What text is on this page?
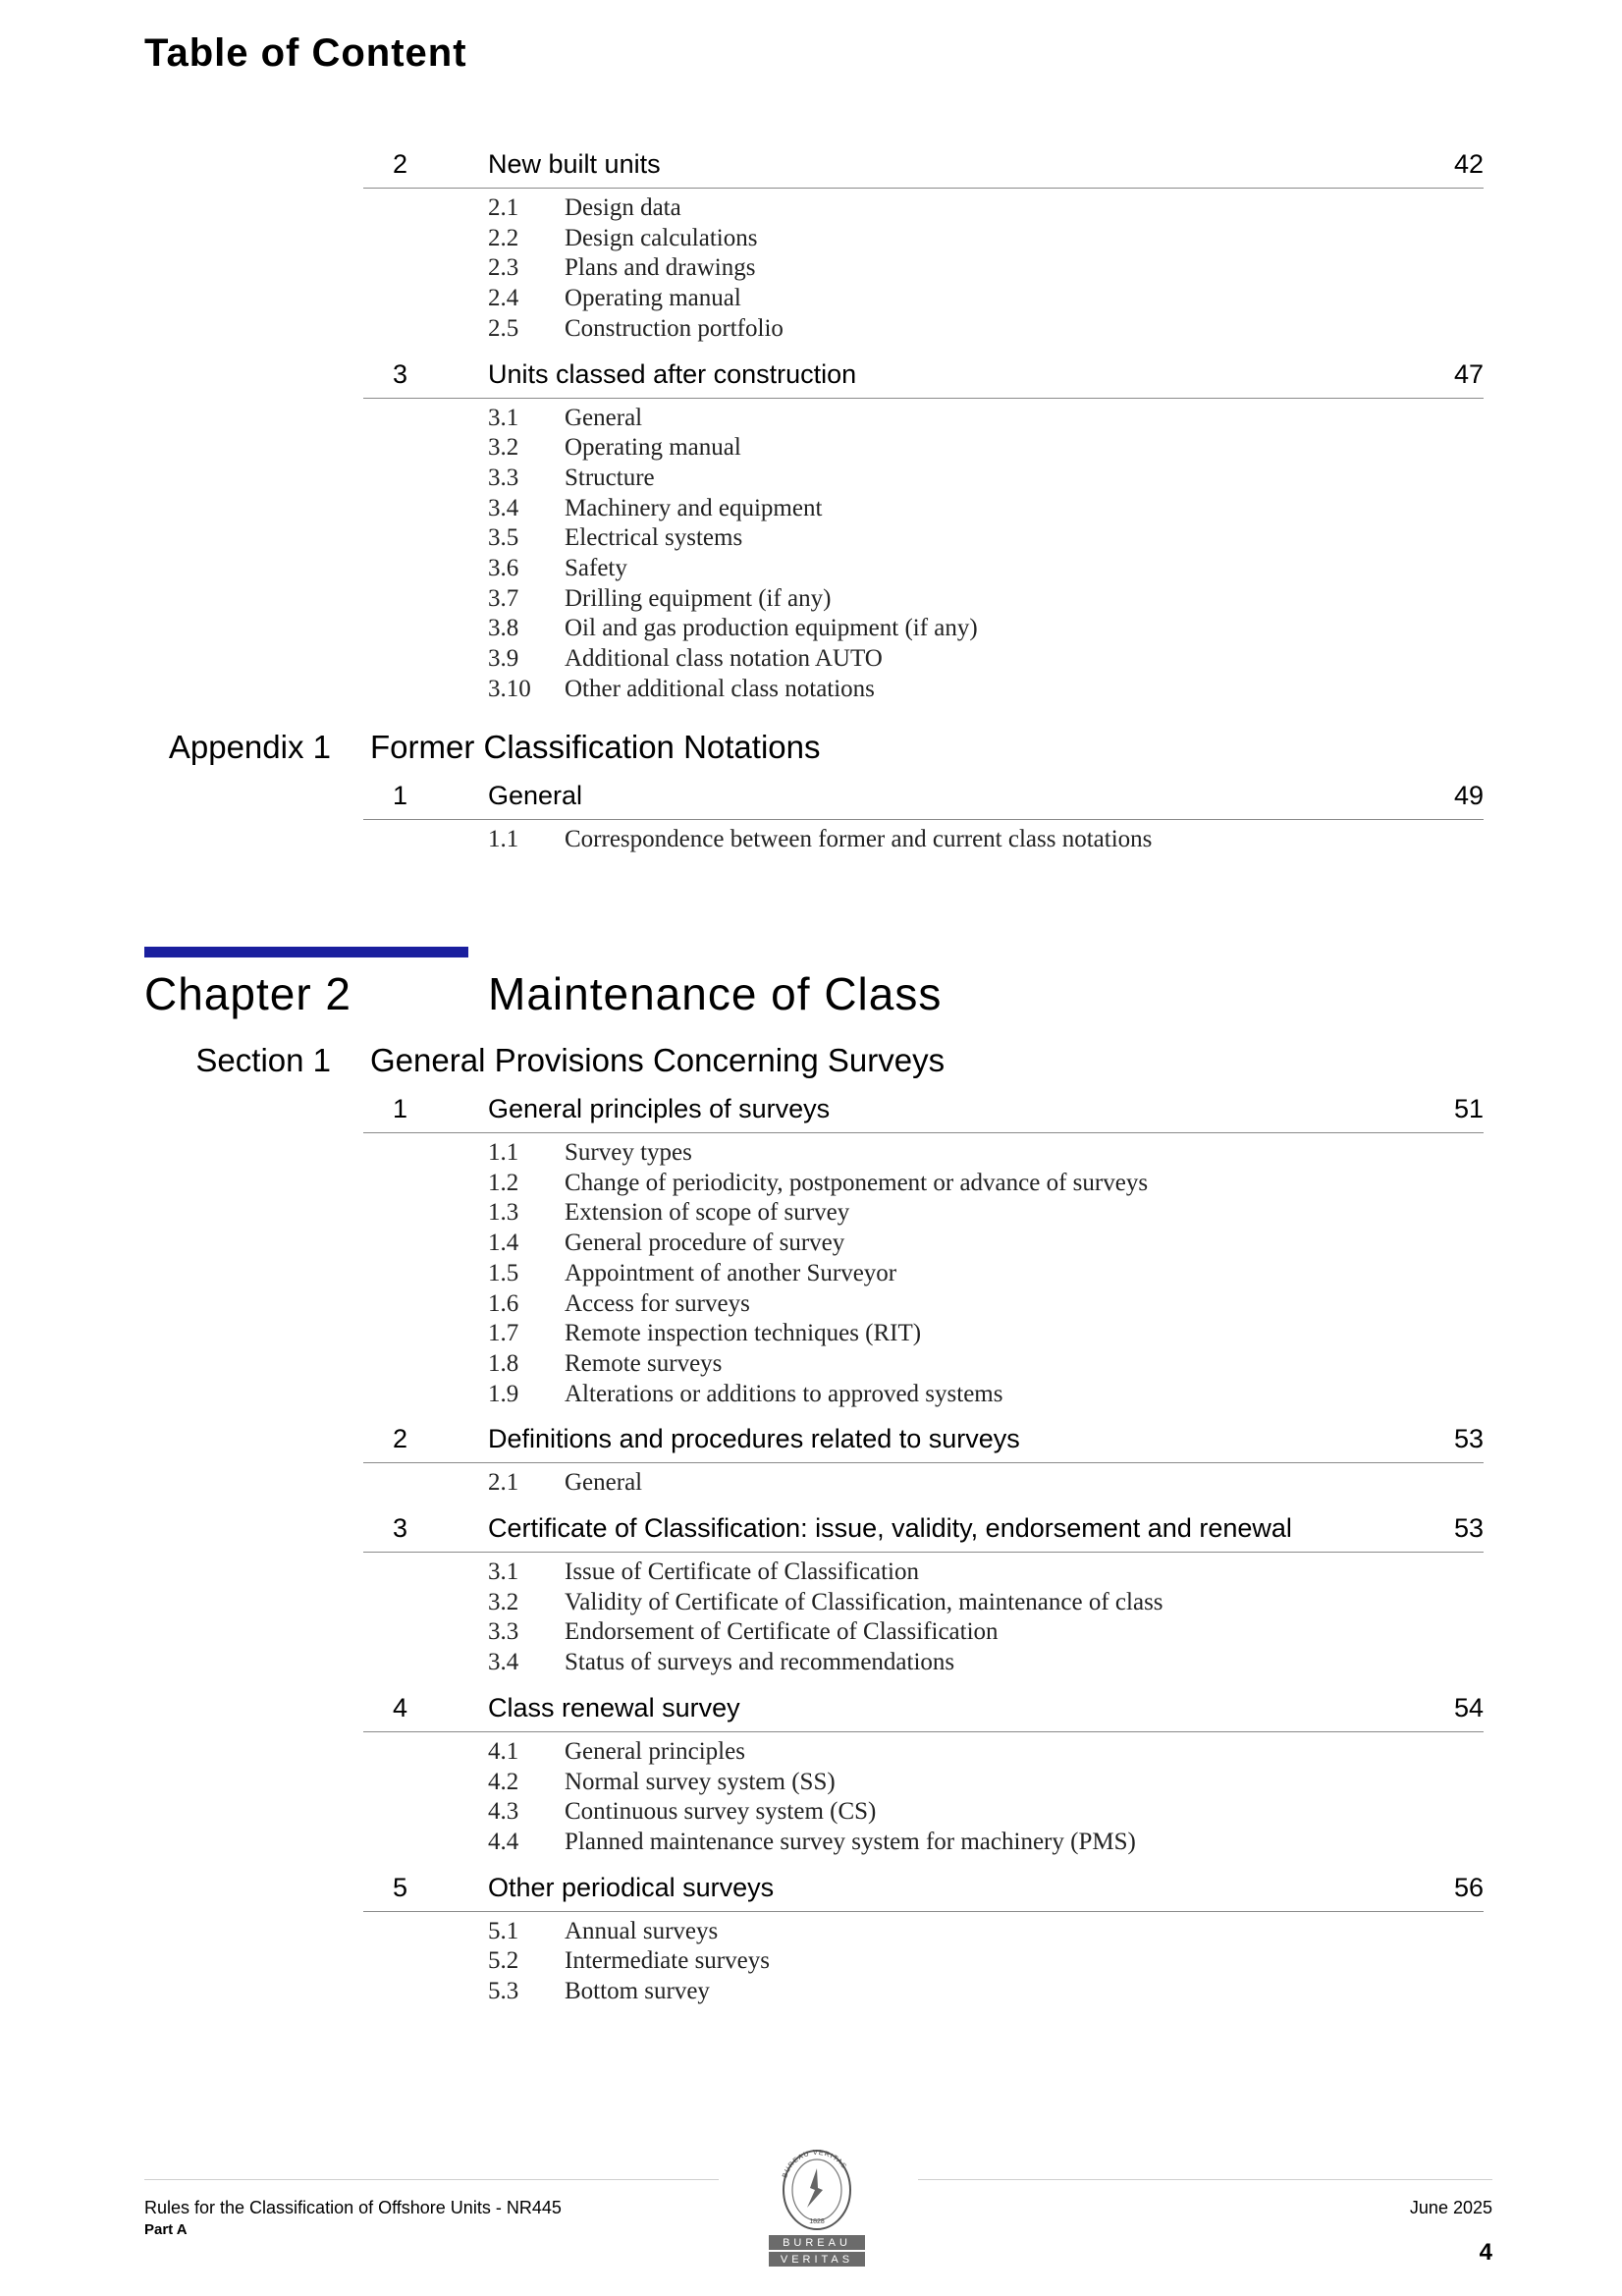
Table of Content
2	New built units	42
2.1 Design data
2.2 Design calculations
2.3 Plans and drawings
2.4 Operating manual
2.5 Construction portfolio
3	Units classed after construction	47
3.1 General
3.2 Operating manual
3.3 Structure
3.4 Machinery and equipment
3.5 Electrical systems
3.6 Safety
3.7 Drilling equipment (if any)
3.8 Oil and gas production equipment (if any)
3.9 Additional class notation AUTO
3.10 Other additional class notations
Appendix 1 Former Classification Notations
1	General	49
1.1 Correspondence between former and current class notations
Chapter 2	Maintenance of Class
Section 1 General Provisions Concerning Surveys
1	General principles of surveys	51
1.1 Survey types
1.2 Change of periodicity, postponement or advance of surveys
1.3 Extension of scope of survey
1.4 General procedure of survey
1.5 Appointment of another Surveyor
1.6 Access for surveys
1.7 Remote inspection techniques (RIT)
1.8 Remote surveys
1.9 Alterations or additions to approved systems
2	Definitions and procedures related to surveys	53
2.1 General
3	Certificate of Classification: issue, validity, endorsement and renewal	53
3.1 Issue of Certificate of Classification
3.2 Validity of Certificate of Classification, maintenance of class
3.3 Endorsement of Certificate of Classification
3.4 Status of surveys and recommendations
4	Class renewal survey	54
4.1 General principles
4.2 Normal survey system (SS)
4.3 Continuous survey system (CS)
4.4 Planned maintenance survey system for machinery (PMS)
5	Other periodical surveys	56
5.1 Annual surveys
5.2 Intermediate surveys
5.3 Bottom survey
Rules for the Classification of Offshore Units - NR445
Part A
June 2025
4
BUREAU VERITAS
1828
BUREAU
VERITAS
